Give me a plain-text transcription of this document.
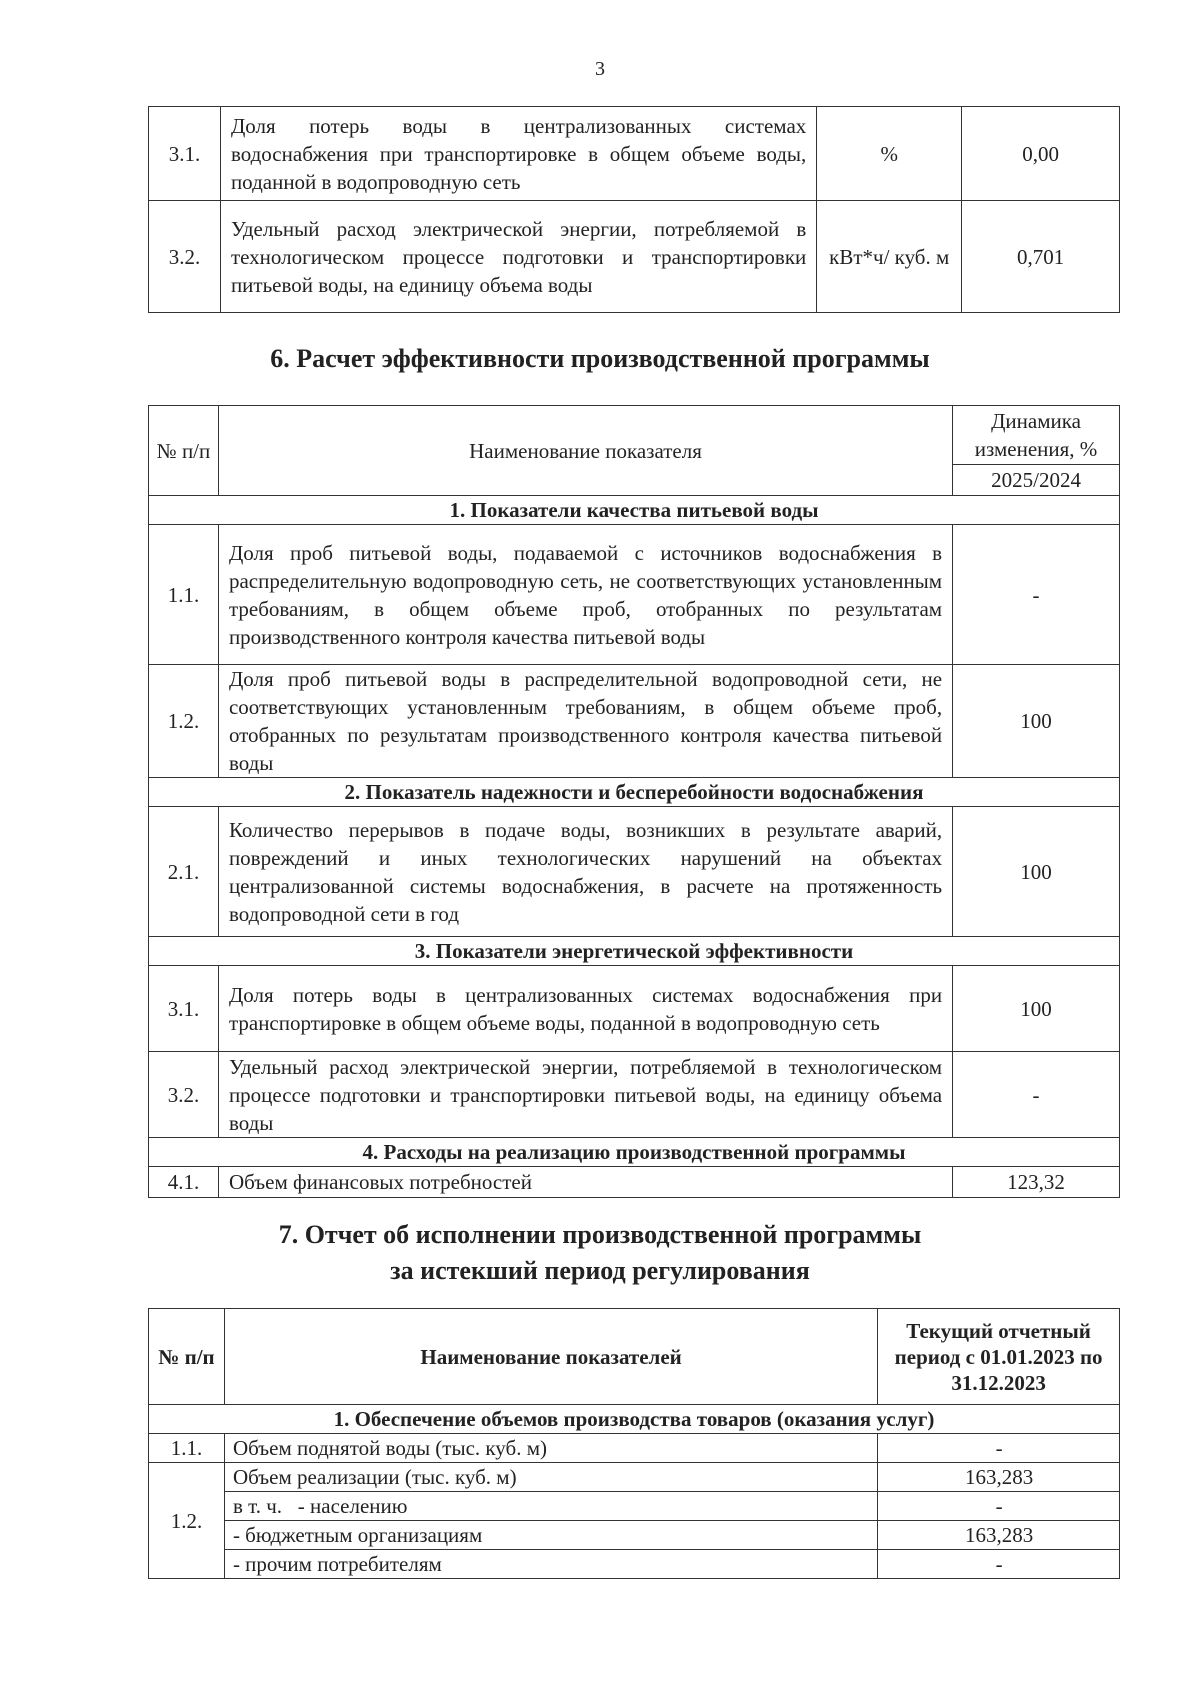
3
3.1.	Доля потерь воды в централизованных системах водоснабжения при транспортировке в общем объеме воды, поданной в водопроводную сеть	%	0,00
3.2.	Удельный расход электрической энергии, потребляемой в технологическом процессе подготовки и транспортировки питьевой воды, на единицу объема воды	кВт*ч/ куб. м	0,701
6. Расчет эффективности производственной программы
№ п/п	Наименование показателя	Динамика изменения, %
		2025/2024
1. Показатели качества питьевой воды		
1.1.	Доля проб питьевой воды, подаваемой с источников водоснабжения в распределительную водопроводную сеть, не соответствующих установленным требованиям, в общем объеме проб, отобранных по результатам производственного контроля качества питьевой воды	-
1.2.	Доля проб питьевой воды в распределительной водопроводной сети, не соответствующих установленным требованиям, в общем объеме проб, отобранных по результатам производственного контроля качества питьевой воды	100
2. Показатель надежности и бесперебойности водоснабжения		
2.1.	Количество перерывов в подаче воды, возникших в результате аварий, повреждений и иных технологических нарушений на объектах централизованной системы водоснабжения, в расчете на протяженность водопроводной сети в год	100
3. Показатели энергетической эффективности		
3.1.	Доля потерь воды в централизованных системах водоснабжения при транспортировке в общем объеме воды, поданной в водопроводную сеть	100
3.2.	Удельный расход электрической энергии, потребляемой в технологическом процессе подготовки и транспортировки питьевой воды, на единицу объема воды	-
4. Расходы на реализацию производственной программы		
4.1.	Объем финансовых потребностей	123,32
7. Отчет об исполнении производственной программы
за истекший период регулирования
№ п/п	Наименование показателей	Текущий отчетный период с 01.01.2023 по 31.12.2023
1. Обеспечение объемов производства товаров (оказания услуг)		
1.1.	Объем поднятой воды (тыс. куб. м)	-
1.2.	Объем реализации (тыс. куб. м)	163,283
	в т. ч. - населению	-
	- бюджетным организациям	163,283
	- прочим потребителям	-
